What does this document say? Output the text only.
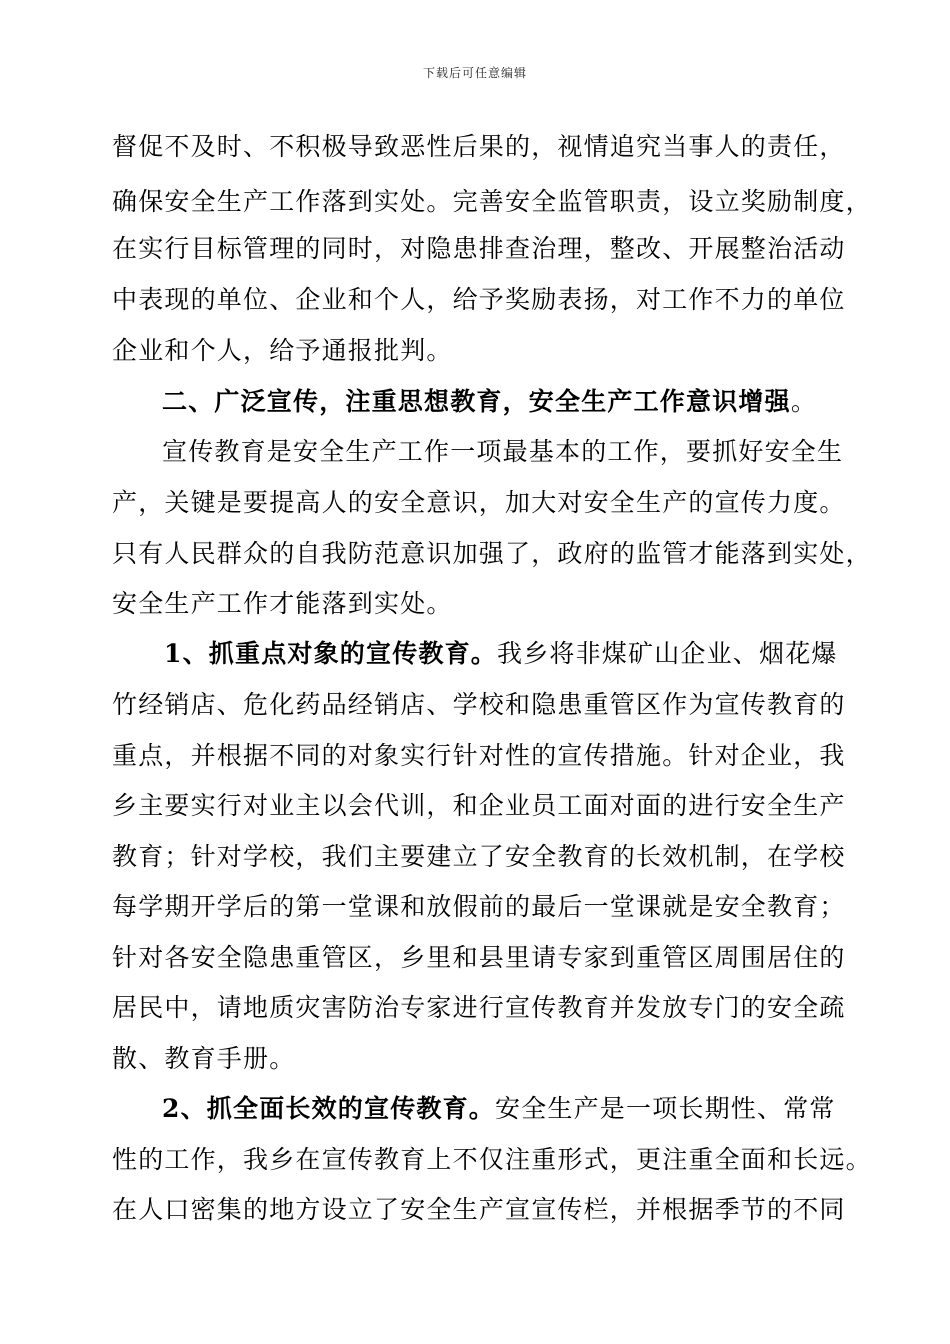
下载后可任意编辑
督促不及时、不积极导致恶性后果的，视情追究当事人的责任，
确保安全生产工作落到实处。完善安全监管职责，设立奖励制度，
在实行目标管理的同时，对隐患排查治理，整改、开展整治活动
中表现的单位、企业和个人，给予奖励表扬，对工作不力的单位
企业和个人，给予通报批判。
二、广泛宣传，注重思想教育，安全生产工作意识增强。
宣传教育是安全生产工作一项最基本的工作，要抓好安全生
产，关键是要提高人的安全意识，加大对安全生产的宣传力度。
只有人民群众的自我防范意识加强了，政府的监管才能落到实处，
安全生产工作才能落到实处。
1、抓重点对象的宣传教育。我乡将非煤矿山企业、烟花爆
竹经销店、危化药品经销店、学校和隐患重管区作为宣传教育的
重点，并根据不同的对象实行针对性的宣传措施。针对企业，我
乡主要实行对业主以会代训，和企业员工面对面的进行安全生产
教育；针对学校，我们主要建立了安全教育的长效机制，在学校
每学期开学后的第一堂课和放假前的最后一堂课就是安全教育；
针对各安全隐患重管区，乡里和县里请专家到重管区周围居住的
居民中，请地质灾害防治专家进行宣传教育并发放专门的安全疏
散、教育手册。
2、抓全面长效的宣传教育。安全生产是一项长期性、常常
性的工作，我乡在宣传教育上不仅注重形式，更注重全面和长远。
在人口密集的地方设立了安全生产宣宣传栏，并根据季节的不同
